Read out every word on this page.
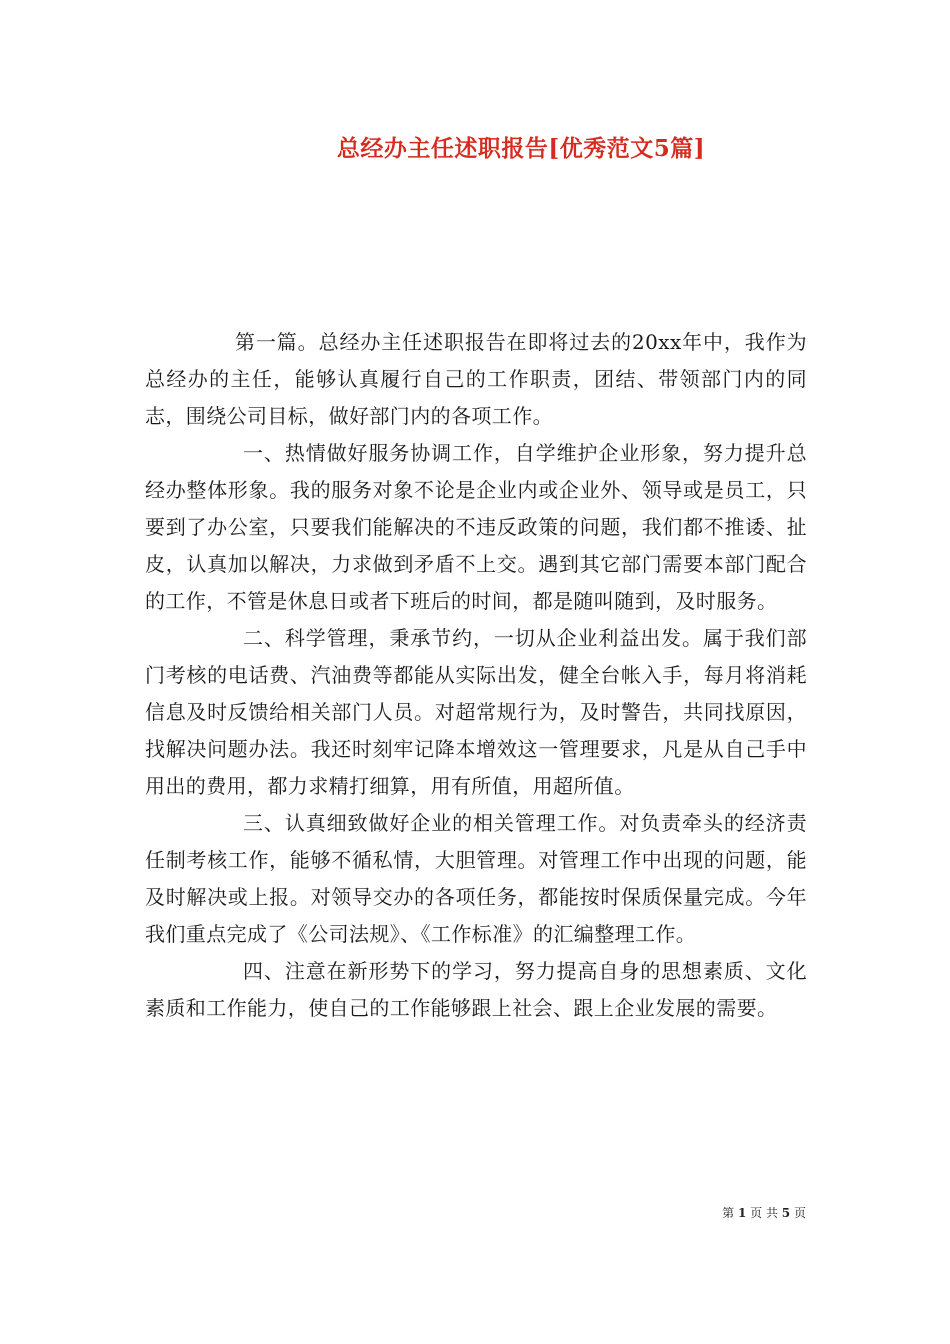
总经办主任述职报告[优秀范文5篇]

第一篇。总经办主任述职报告在即将过去的20xx年中，我作为总经办的主任，能够认真履行自己的工作职责，团结、带领部门内的同志，围绕公司目标，做好部门内的各项工作。

一、热情做好服务协调工作，自学维护企业形象，努力提升总经办整体形象。我的服务对象不论是企业内或企业外、领导或是员工，只要到了办公室，只要我们能解决的不违反政策的问题，我们都不推诿、扯皮，认真加以解决，力求做到矛盾不上交。遇到其它部门需要本部门配合的工作，不管是休息日或者下班后的时间，都是随叫随到，及时服务。

二、科学管理，秉承节约，一切从企业利益出发。属于我们部门考核的电话费、汽油费等都能从实际出发，健全台帐入手，每月将消耗信息及时反馈给相关部门人员。对超常规行为，及时警告，共同找原因，找解决问题办法。我还时刻牢记降本增效这一管理要求，凡是从自己手中用出的费用，都力求精打细算，用有所值，用超所值。

三、认真细致做好企业的相关管理工作。对负责牵头的经济责任制考核工作，能够不循私情，大胆管理。对管理工作中出现的问题，能及时解决或上报。对领导交办的各项任务，都能按时保质保量完成。今年我们重点完成了《公司法规》、《工作标准》的汇编整理工作。

四、注意在新形势下的学习，努力提高自身的思想素质、文化素质和工作能力，使自己的工作能够跟上社会、跟上企业发展的需要。

第 1 页 共 5 页
